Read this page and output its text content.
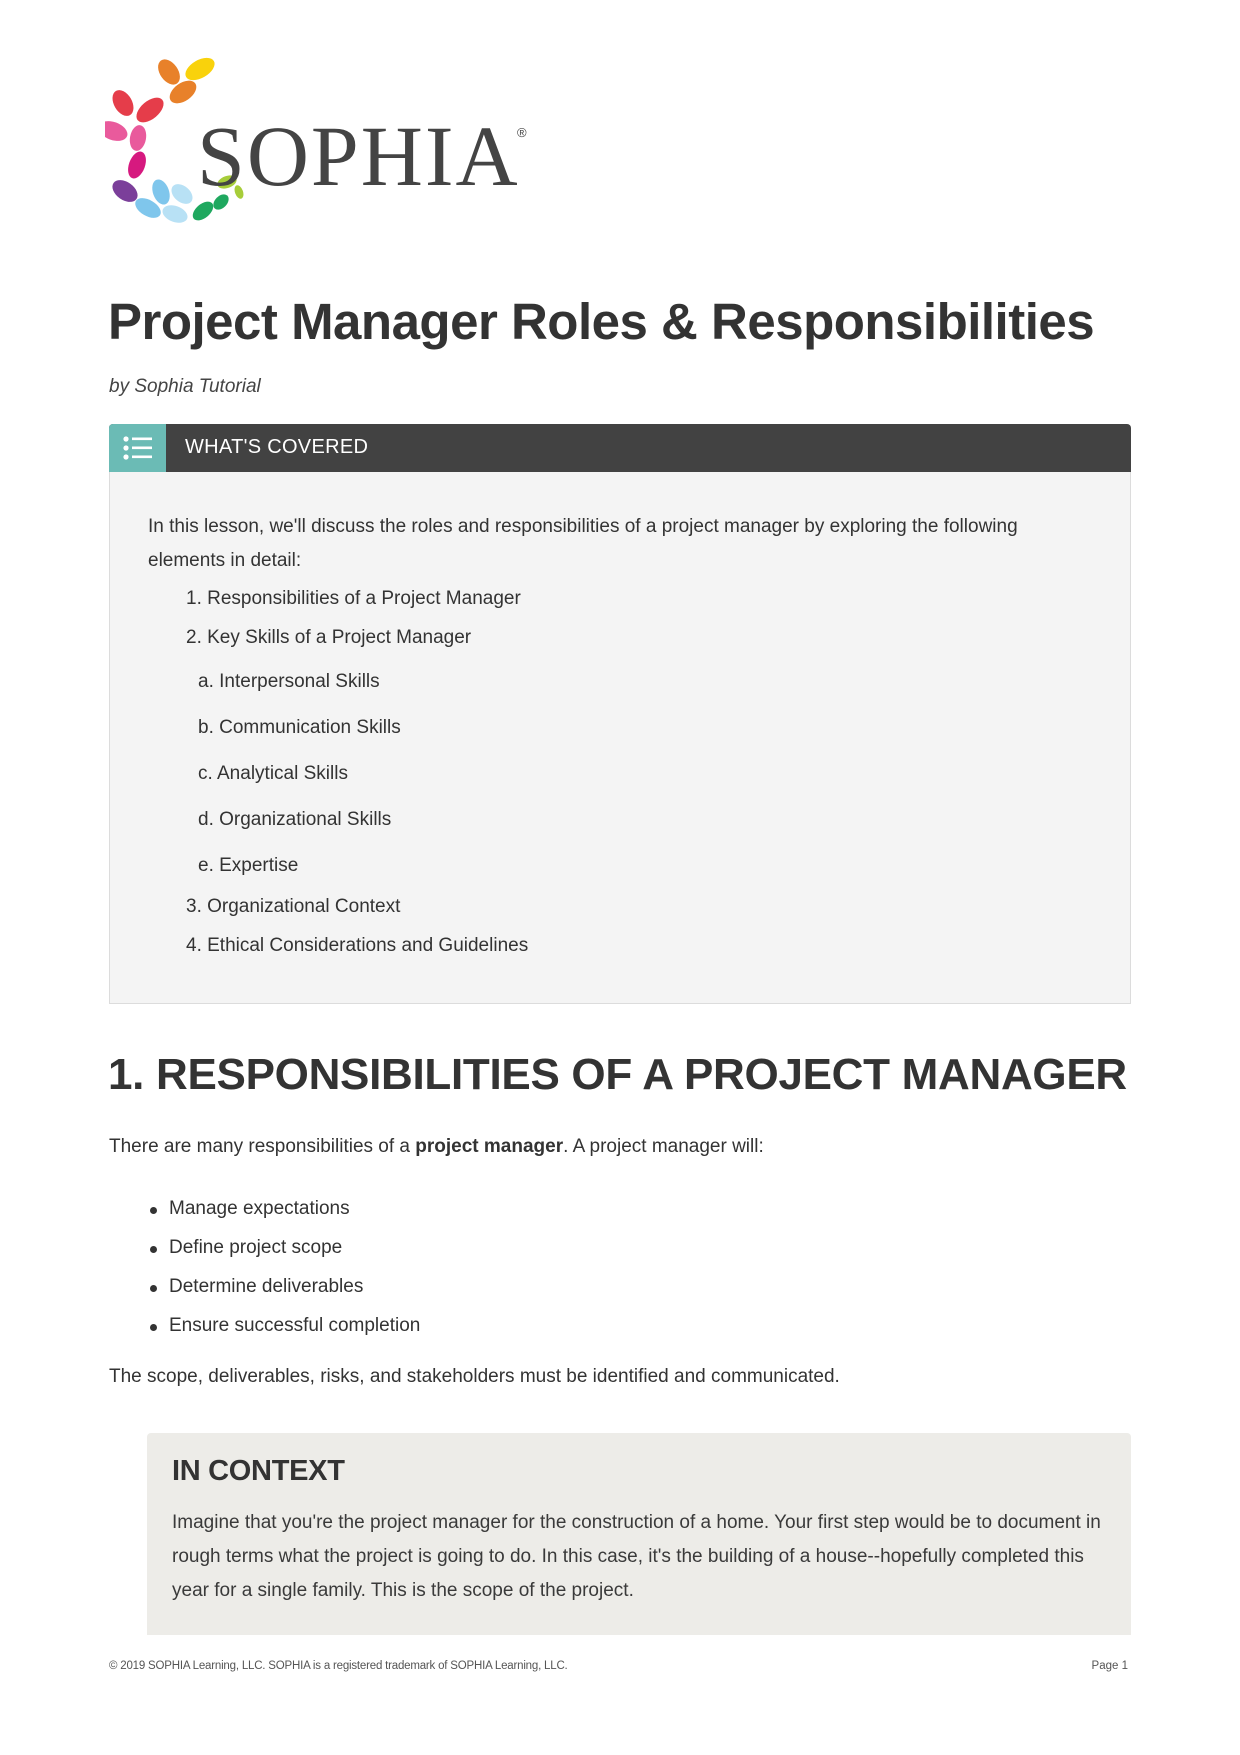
SOPHIA
®
Project Manager Roles & Responsibilities
by Sophia Tutorial
WHAT'S COVERED

In this lesson, we'll discuss the roles and responsibilities of a project manager by exploring the following elements in detail:

1. Responsibilities of a Project Manager
2. Key Skills of a Project Manager
a. Interpersonal Skills
b. Communication Skills
c. Analytical Skills
d. Organizational Skills
e. Expertise
3. Organizational Context
4. Ethical Considerations and Guidelines
1. RESPONSIBILITIES OF A PROJECT MANAGER

There are many responsibilities of a project manager. A project manager will:

Manage expectations
Define project scope
Determine deliverables
Ensure successful completion

The scope, deliverables, risks, and stakeholders must be identified and communicated.

IN CONTEXT

Imagine that you're the project manager for the construction of a home. Your first step would be to document in rough terms what the project is going to do. In this case, it's the building of a house--hopefully completed this year for a single family. This is the scope of the project.

© 2019 SOPHIA Learning, LLC. SOPHIA is a registered trademark of SOPHIA Learning, LLC.	Page 1
